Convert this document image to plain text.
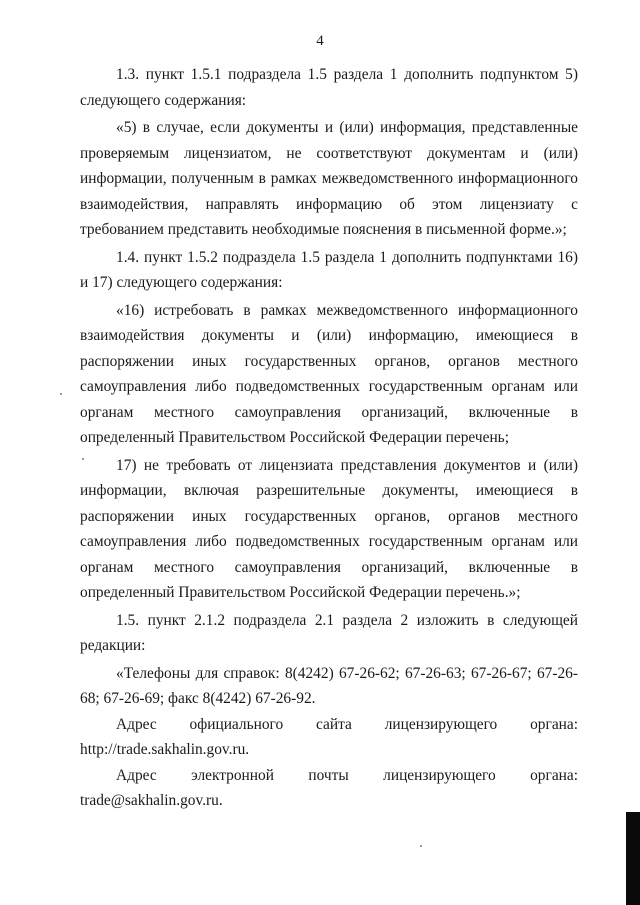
4

1.3. пункт 1.5.1 подраздела 1.5 раздела 1 дополнить подпунктом 5) следующего содержания:

«5) в случае, если документы и (или) информация, представленные проверяемым лицензиатом, не соответствуют документам и (или) информации, полученным в рамках межведомственного информационного взаимодействия, направлять информацию об этом лицензиату с требованием представить необходимые пояснения в письменной форме.»;

1.4. пункт 1.5.2 подраздела 1.5 раздела 1 дополнить подпунктами 16) и 17) следующего содержания:

«16) истребовать в рамках межведомственного информационного взаимодействия документы и (или) информацию, имеющиеся в распоряжении иных государственных органов, органов местного самоуправления либо подведомственных государственным органам или органам местного самоуправления организаций, включенные в определенный Правительством Российской Федерации перечень;

17) не требовать от лицензиата представления документов и (или) информации, включая разрешительные документы, имеющиеся в распоряжении иных государственных органов, органов местного самоуправления либо подведомственных государственным органам или органам местного самоуправления организаций, включенные в определенный Правительством Российской Федерации перечень.»;

1.5. пункт 2.1.2 подраздела 2.1 раздела 2 изложить в следующей редакции:

«Телефоны для справок: 8(4242) 67-26-62; 67-26-63; 67-26-67; 67-26-68; 67-26-69; факс 8(4242) 67-26-92.

Адрес официального сайта лицензирующего органа:

http://trade.sakhalin.gov.ru.

Адрес электронной почты лицензирующего органа:

trade@sakhalin.gov.ru.
